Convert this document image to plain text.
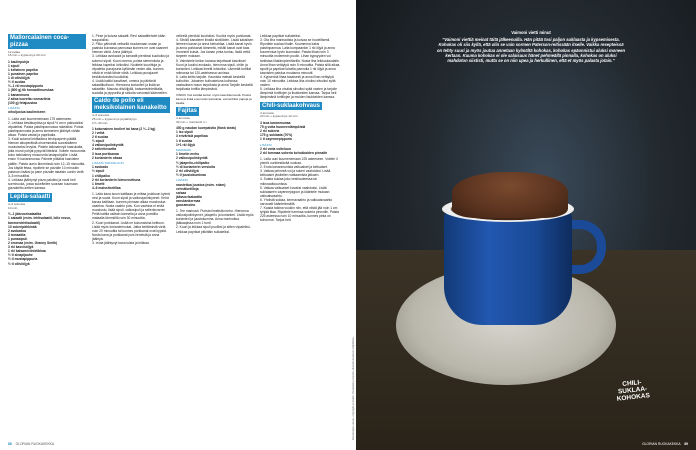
Mallorcalainen coca-pizzaa
12 palaa
15 min + kypsennys 20 min
1 kaulinpohja
1 sipuli
1 keltainen paprika
1 punainen paprika
1 dl oliiviöljyä
½ tl suolaa
½–1 rkl mustapippuria
1 (800 g) tlk tomaattimurskaa
1 kananmuna
2 aitoa tuoretta rosmariinia
(100 g) fetajuustoa
LISÄKSI
oiholjuolua kaulimiseen
1. Laita uuni kuumenemaan 175 asteeseen.
2. Leikkaa kesäkurpitsa ja sipuli ½ cm:n paksuisiksi viipaleiksi. Paista paistinpannussa rakeisiksi. Poista paistinpannusta ja anna siemenien jäähtyä vähän aikaa. Poista vastat ja paprikalla.
3. Kauli sulanut lehtitaikina leivinpaperin päällä hieman alkuperäistä ohuemmaksi suorakaiteen muotoiseksi levyksi. Pistele taikinalevyä haarukalla, jotta murot pohjat pysyvät litteänä. Voitele mosurunta koko taikinalevy mosurunta lasiapohjoille. Lisää ensin ½ kananmunaa. Painele pitkäksi kasvisten päälle. Paista uunin lämmössä noin 12–15 minuuttia. Jos käytät fetaa, ripottele se pizzalle 10 minuutin paistoon lisäksi ja pane pizzalle takaisin uuniin vielä 3–5 minuutiksi.
4. Leikkaa jäähtynyt pizza paloiksi ja nauti heti sormiruoka, jossa sukelteilee suoraan kuumaan gizzakeitto-ketten kanssa.
Lepita-salaatti
4–6 annosta
10 min
½–1 jäävuorisalaattia
1 salaatti (esim. lehtisalaatti, lollo rosso, tammenlehtisalaatti)
10 sokeripähkinää
2 avokadoa
3 tomaattia
1 punasipuli
2 omenaa (esim. Granny Smith)
3 rkl kasvisöljyä
1 rkl balsamiviinietikkaa
½ tl sinapijauhe
½ tl mustapippuria
½ tl oliiviöljyä
1. Pese ja kuivaa salaatit. Revi salaattilehdet kään suupaloiksi.
2. Pilko pähkinät veitsellä muutamaan osaan ja paahda kuivassa pannussa kunnes ne ovat saaneet hieman väriä. Anna jäähtyä.
3. Leikkaa avokadot ja tomaatit pienikssi kuutioiksi ja sokeroi sipuli. Kuori omena, poista siemenkota ja leikkaa kapeiksi lohkoiksi. Nouttele kuurittuja ja viipaleita punajuurta kyllämän veden alla, kunnes niistä ei enää lähde väriä. Leikkaa punajuuret keskikokoisiksi kuutioiksi.
4. Lisää kaikki kasvikset, omena ja pähkinät salaattikulhoon. Hienonna korianteri ja lisää se salaattiin. Mausta oliiviöljyllä, balsamiviinietikalla, suolalla ja pippurilla ja sekoita varovasti käännellen.
Caldo de pollo eli meksikolainen kanakeitto
4–6 annosta
25 min + kypsennys ja jäähdytys
1½–40 min
1 kokonainen broileri tai kana (2 ½–2 kg)
2 l vettä
2 tl suolaa
½ sipuli
4 valkosipulinkynttä
2 selleriinvartta
3 isoa porkkanaa
2 korianterin oksaa
LISÄKSI TARJOILUUN
1 avokado
½ sipuli
1 chilipalko
2 rkl korianterin hienonnettuna
1 limetti
4–6 maissitortillaa
1. Laita kana isoon kattilaan ja mittaa joukkoon kylmä vesi ja suola. Kuori sipuli ja valkosipulinkynnet. Kehä kanaa kattilaan, kunnes pinnaan alkaa muodostua vaahtoa. Nosta vaahto pois. Kun vaahtoa ei enää muodostu, lisää sipuli, valkosipuli ja selleriinvarret. Peitä kattila osittain kannella ja anna porsttila mataalla lämmöllä noin 30 minuuttia.
2. Kuori porkkanat. Lisää ne kokonaisina keittoon. Lisää myös korianterinokat. Jatka keittämistä vielä noin 20 minuuttia tai kunnes porkkanat ovat kypsiä. Nosta kana ja porkkanat pois lieneistä ja anna jäähtyä.
3. Irrota jäähtynyt kana luista ja leikkaa
velleelä pienikisi kuutioiksi. Kuutioi myös porkkanat.
4. Siivilöi kanaliemi liinalla siivilöiden. Lisää kaksiisen liemeen kanan ja anna kiehahtaa. Lisää kanat hyvin ja anna porkkanat lämmetä, mikäli kanat ovat taas irronneet kuisia. Jos kanan pinta tuntuu, lisää vettä tarpeen mukaan.
5. Valmistele keiton kanssa tarjottavat kasvikset. Kuori ja kuutioi avokado, hienonna sipuli, chilin ja korianteri. Leikkaa limetti lohkoiksi. Lämmitä tortillat mikrossa tai 120-asteisessa uunissa.
6. Laita keitto tarjolle. Kaunista maissit keskellä kulhoihin. Jokainen kulhosteluna kulhossa vastauksen maun tarjoilusta ja anna Tarjolle keskellä tarjoilusta tortilla lämpimänä.
VINKKI Voit keittää keiton myös kasvisliemestä. Poista kana ja lisää enemmän kasviksia, esimerkiksi papuja ja kaalia.
Fajitas
4 annosta
30 min + marinointi 1 t
450 g naudan kuvepaistia (flank steak)
1 iso sipuli
3 erivärisiä paprikaa
1 tl suolaa
1+1 rkl öljyä
MARINADI
1 limetin mehu
2 valkosipulinkynttä
½ jalapeño-chilipalko
½ dl korianterin versioita
2 rkl oliiviöljyä
½ tl juustokuminaa
LISÄKSI
raastettua juustoa (esim. edam)
vehnätortilloja
salsaa
jäävuorisalaattia
ranskankermaa
guacamolea
1. Tee marinadi. Purista limetistä mehu. Hienonna valkosipulinkynnet, jalapeño ja korianteri. Lisää myös korianteri ja juustokumina. Anna marinoitua jääkaapissa noin 1 tunti.
2. Kuori ja leikkaa sipuli puoliksi ja sitten viipaleiksi. Leikkaa paprikat pitkittäin suikaleiksi.
Leikkaa paprikat suikaleiksi.
3. Ota liha marinadista ja kuivaa se huolellisesti. Ripottele suolaa lihalle. Kuumenna kaksi paistinpannua. Laita kumpaankin 1 rkl öljyä ja anna kuumentua hyvin kuumaksi. Paista lihaa noin 3 minuuttia molemmin puolin. Lihan kypsyyden voi tarkistaa lihalämpömittarilla. Nosta liha leikkuulaudalle. Anna lihan vetäytyä noin 5 minuuttia. Paista sillä aikaa sipulit ja paprikat toisella pannulla 1 rkl öljyä ja anna kasvisten paistua muutama minuutti.
4. Kypsennä lihaa tasaisesti ja anna lihan vetäytyä noin 10 minuuttia. Leikkaa liha ohuiksi siivuiksi syitä vasten.
5. Leikkaa liha ohuiksi siivuiksi syitä vasten ja tarjoile lämpimiä tortillojen ja lisukkeiden kanssa. Tarjoa heti lämpimänä tortillojen ja muiden lisukkeiden kanssa.
Chili-suklaakohvaus
4 annosta
20 min + kypsennys 12 min
4 isoa kananmunaa
75 g voita huoneenlämpöistä
2 rkl sokeria
175 g suklaata (70%)
1 tl cayennepippuria
LISÄKSI
2 rkl voita voiteluun
2 rkl tummaa sokeria kohokkaiden pinnalle
1. Laita uuni kuumenemaan 225 asteeseen. Voitele 4 pientä uunikestävää vuokaa.
2. Erota kananmunista valkuaiset ja keltuaiset.
3. Vatkaa pehmeä voi ja sokeri vaahdoksi. Lisää keltuaiset yksitellen vatkaamista jatkaen.
4. Sulata suklaa joko vesihauteessa tai mikroaaltouunissa.
5. Vatkaa valkuaiset kovaksi vaahdoksi. Lisää suklaaseen cayennepippuri ja kääntele mukaan valkuaisvaahto.
6. Yhdistä suklaa, kermavaahto ja valkuaisvaahto varovasti kääntelemällä.
7. Kaada taikina vuokiin niin, että niistä jää noin 1 cm tyhjää tilaa. Ripottele tummaa sokeria pinnoille. Paista 225 asteessa noin 10 minuuttia, kunnes pinta on kohonnut. Tarjoa heti.
88 GLORIAN RUOKAKEKKA
Kustantajan vastuu, copyright ja sisältö. Reseptien ja kuvien oikeudet kuuluvat tekijöilleen.	CHILI-
SUKLAA-
KOHOKAS
Vaimoni vietti minut
"Vaimoni viettiä meinat täitä jälkeenuilla. Hän pitää tosi paljon suklaasta ja kypsemisesta. Kohokas oli siis kyllä, että olin se vain sormen Paterson-reitissään itselle. Vaikka resepteissä on tehty suuri ja myös joutua annetaan kylmältä kohokas, kohokas epäonnistui aluksi moneen kertaan. Kuuma kohokas ei ole salaisuus hänet pehmeällä pinnalla, kohokas on aluksi mahdoton siististi, mutta se on niin upea ja herkullinen, että et myös palasta jotain."
GLORIAN RUOKAKEKKA 89
